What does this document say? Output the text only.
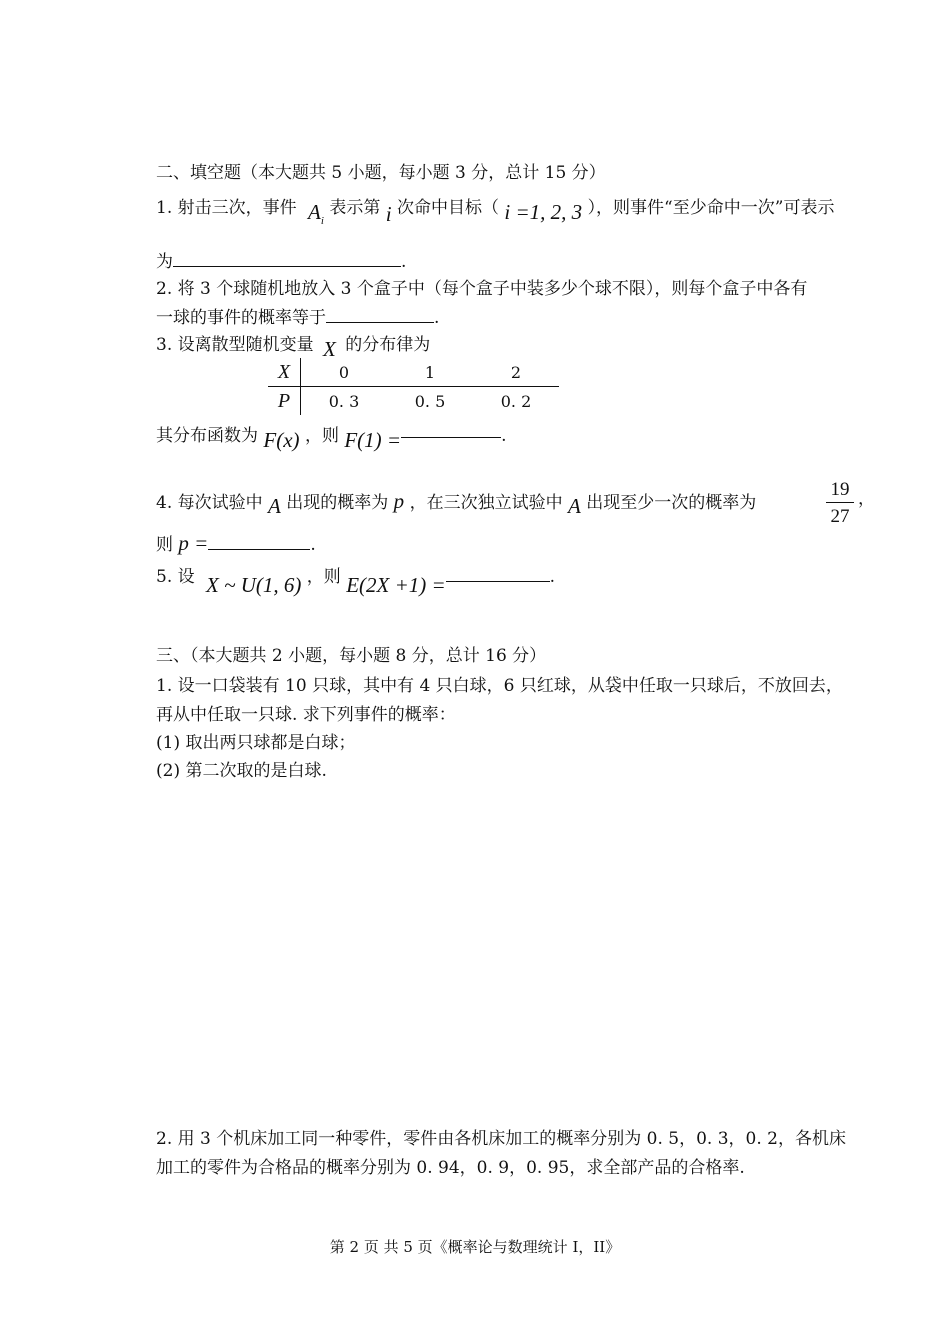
二、填空题（本大题共 5 小题，每小题 3 分，总计 15 分）
1. 射击三次，事件 $A_i$ 表示第 i 次命中目标（ i =1, 2, 3 ），则事件“至少命中一次”可表示
为	.
2. 将 3 个球随机地放入 3 个盒子中（每个盒子中装多少个球不限），则每个盒子中各有
一球的事件的概率等于	.
3. 设离散型随机变量 X 的分布律为
X	0	1	2
P	0. 3	0. 5	0. 2
其分布函数为 F(x) ，则 F(1) =	.
4. 每次试验中 A 出现的概率为 p ，在三次独立试验中 A 出现至少一次的概率为	$\frac{19}{27}$ ，
则 p =	.
5. 设 X ~ U(1, 6) ，则 E(2X +1) =	.
三、（本大题共 2 小题，每小题 8 分，总计 16 分）
1. 设一口袋装有 10 只球，其中有 4 只白球，6 只红球，从袋中任取一只球后，不放回去，
再从中任取一只球. 求下列事件的概率：
(1) 取出两只球都是白球；
(2) 第二次取的是白球.
2. 用 3 个机床加工同一种零件，零件由各机床加工的概率分别为 0. 5，0. 3，0. 2，各机床
加工的零件为合格品的概率分别为 0. 94，0. 9，0. 95，求全部产品的合格率.
第 2 页 共 5 页《概率论与数理统计 I，II》
